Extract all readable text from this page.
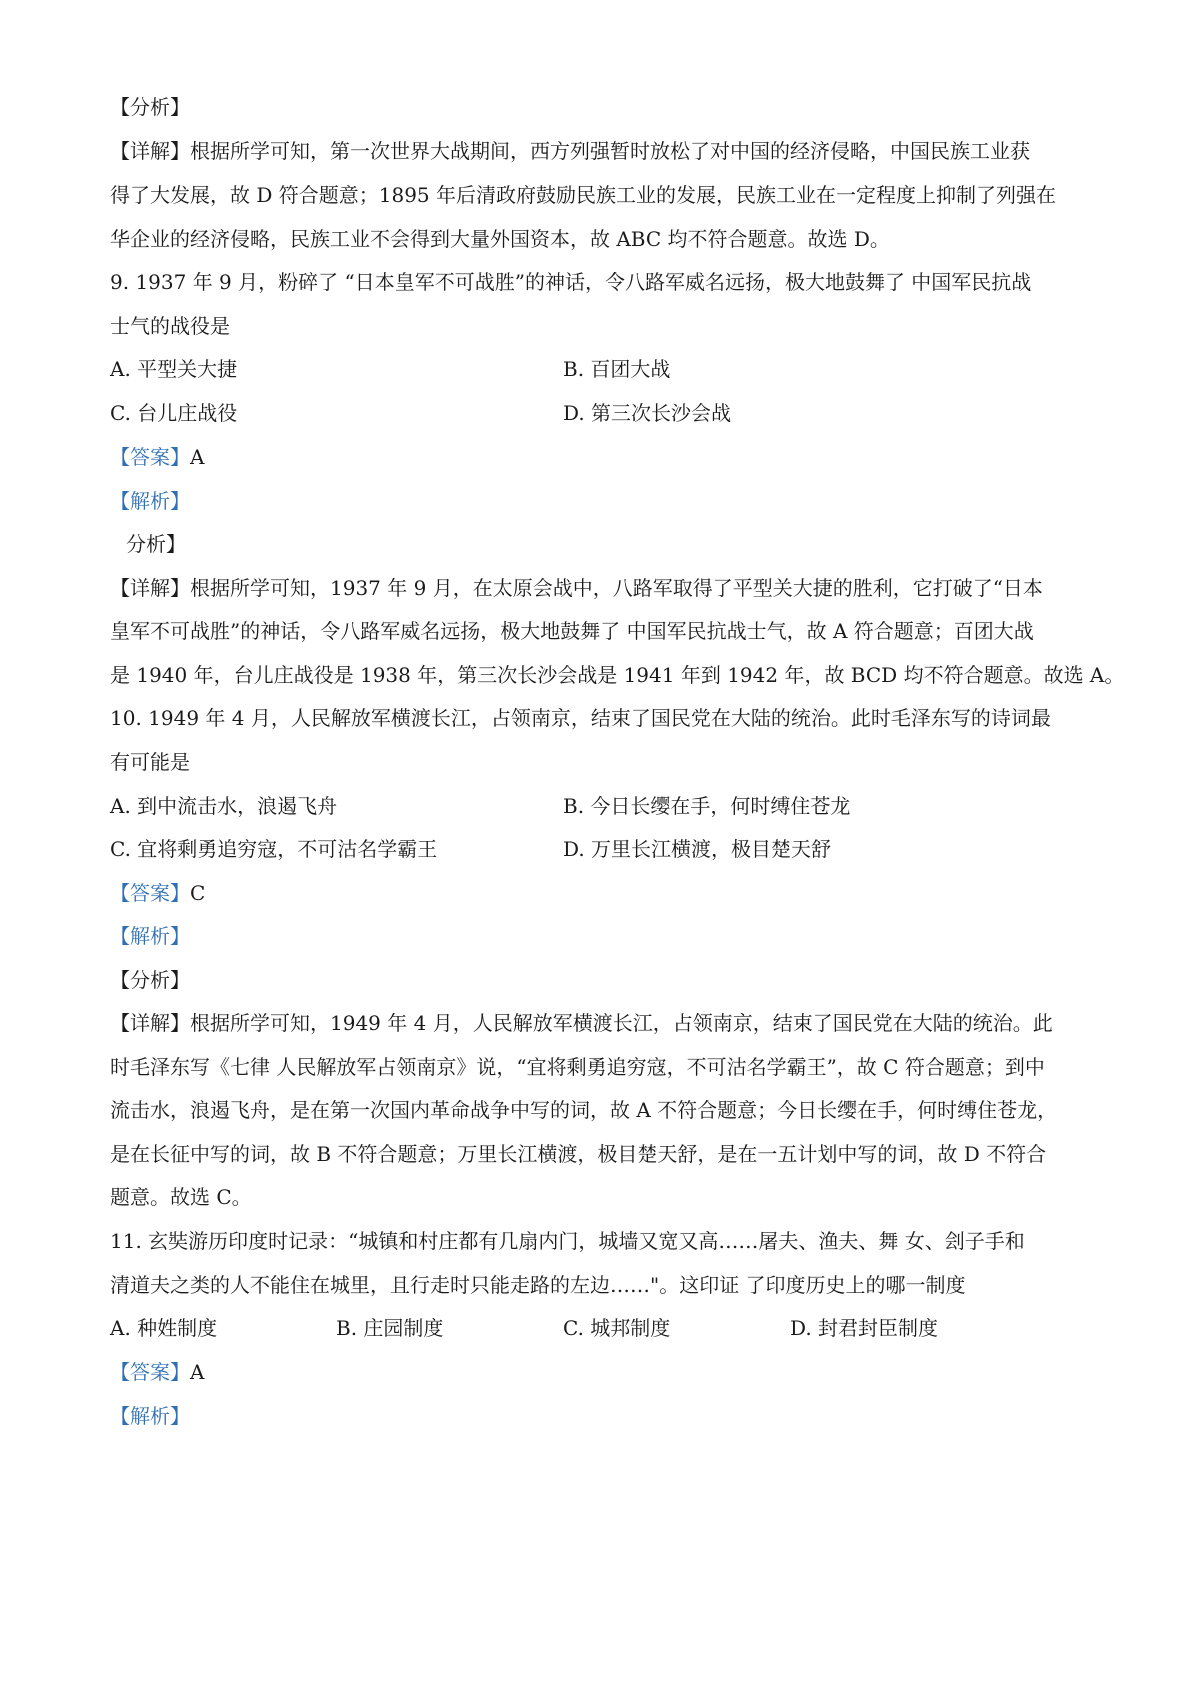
【分析】
【详解】根据所学可知，第一次世界大战期间，西方列强暂时放松了对中国的经济侵略，中国民族工业获
得了大发展，故 D 符合题意；1895 年后清政府鼓励民族工业的发展，民族工业在一定程度上抑制了列强在
华企业的经济侵略，民族工业不会得到大量外国资本，故 ABC 均不符合题意。故选 D。
9. 1937 年 9 月，粉碎了 “日本皇军不可战胜”的神话，令八路军威名远扬，极大地鼓舞了 中国军民抗战
士气的战役是
A. 平型关大捷	B. 百团大战
C. 台儿庄战役	D. 第三次长沙会战
【答案】A
【解析】
分析】
【详解】根据所学可知，1937 年 9 月，在太原会战中，八路军取得了平型关大捷的胜利，它打破了“日本
皇军不可战胜”的神话，令八路军威名远扬，极大地鼓舞了 中国军民抗战士气，故 A 符合题意；百团大战
是 1940 年，台儿庄战役是 1938 年，第三次长沙会战是 1941 年到 1942 年，故 BCD 均不符合题意。故选 A。
10. 1949 年 4 月，人民解放军横渡长江，占领南京，结束了国民党在大陆的统治。此时毛泽东写的诗词最
有可能是
A. 到中流击水，浪遏飞舟	B. 今日长缨在手，何时缚住苍龙
C. 宜将剩勇追穷寇，不可沽名学霸王	D. 万里长江横渡，极目楚天舒
【答案】C
【解析】
【分析】
【详解】根据所学可知，1949 年 4 月，人民解放军横渡长江，占领南京，结束了国民党在大陆的统治。此
时毛泽东写《七律 人民解放军占领南京》说，“宜将剩勇追穷寇，不可沽名学霸王”，故 C 符合题意；到中
流击水，浪遏飞舟，是在第一次国内革命战争中写的词，故 A 不符合题意；今日长缨在手，何时缚住苍龙，
是在长征中写的词，故 B 不符合题意；万里长江横渡，极目楚天舒，是在一五计划中写的词，故 D 不符合
题意。故选 C。
11. 玄奘游历印度时记录：“城镇和村庄都有几扇内门，城墙又宽又高……屠夫、渔夫、舞 女、刽子手和
清道夫之类的人不能住在城里，且行走时只能走路的左边……"。这印证 了印度历史上的哪一制度
A. 种姓制度	B. 庄园制度	C. 城邦制度	D. 封君封臣制度
【答案】A
【解析】
